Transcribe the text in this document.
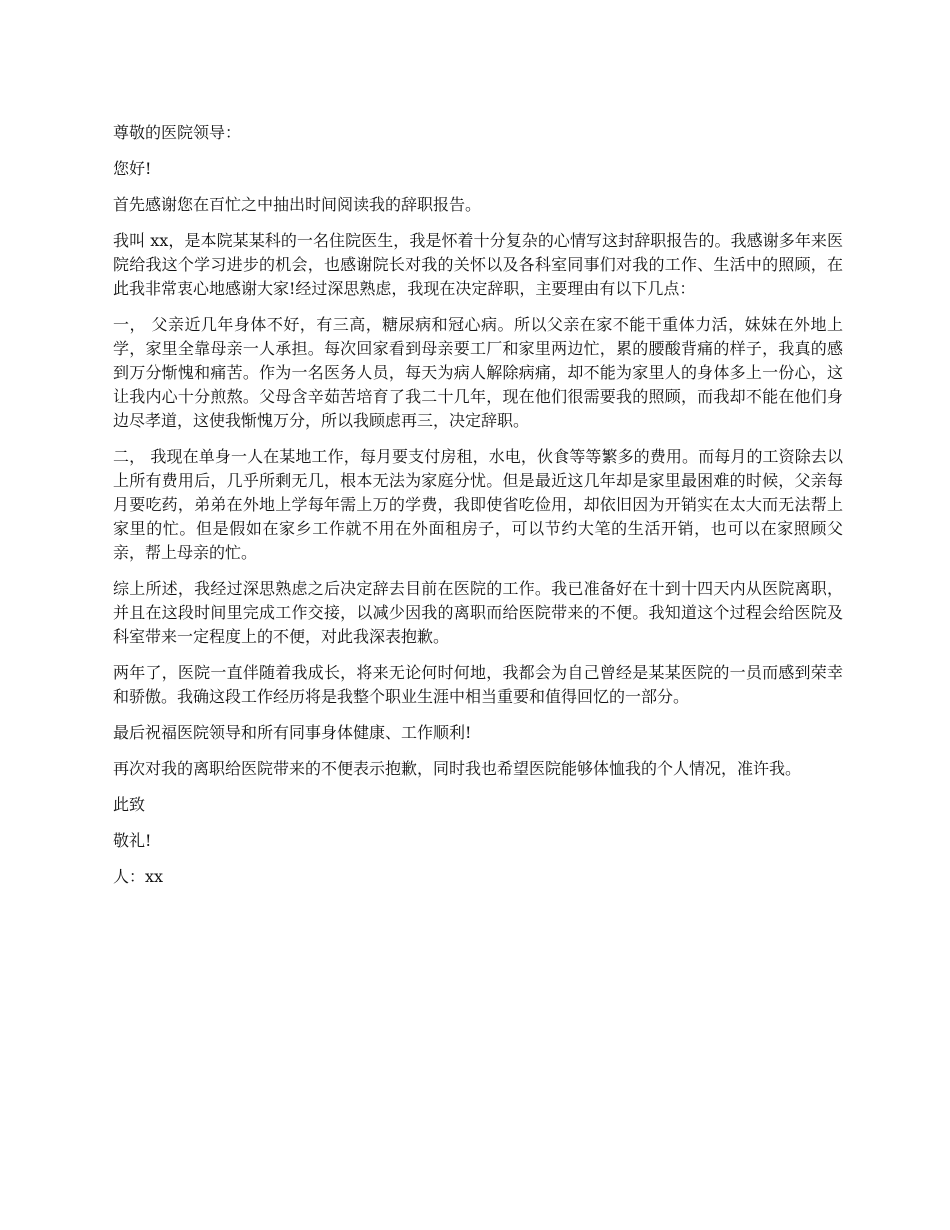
尊敬的医院领导：

您好!

首先感谢您在百忙之中抽出时间阅读我的辞职报告。

我叫 xx，是本院某某科的一名住院医生，我是怀着十分复杂的心情写这封辞职报告的。我感谢多年来医院给我这个学习进步的机会，也感谢院长对我的关怀以及各科室同事们对我的工作、生活中的照顾，在此我非常衷心地感谢大家!经过深思熟虑，我现在决定辞职，主要理由有以下几点：

一， 父亲近几年身体不好，有三高，糖尿病和冠心病。所以父亲在家不能干重体力活，妹妹在外地上学，家里全靠母亲一人承担。每次回家看到母亲要工厂和家里两边忙，累的腰酸背痛的样子，我真的感到万分惭愧和痛苦。作为一名医务人员，每天为病人解除病痛，却不能为家里人的身体多上一份心，这让我内心十分煎熬。父母含辛茹苦培育了我二十几年，现在他们很需要我的照顾，而我却不能在他们身边尽孝道，这使我惭愧万分，所以我顾虑再三，决定辞职。

二， 我现在单身一人在某地工作，每月要支付房租，水电，伙食等等繁多的费用。而每月的工资除去以上所有费用后，几乎所剩无几，根本无法为家庭分忧。但是最近这几年却是家里最困难的时候，父亲每月要吃药，弟弟在外地上学每年需上万的学费，我即使省吃俭用，却依旧因为开销实在太大而无法帮上家里的忙。但是假如在家乡工作就不用在外面租房子，可以节约大笔的生活开销，也可以在家照顾父亲，帮上母亲的忙。

综上所述，我经过深思熟虑之后决定辞去目前在医院的工作。我已准备好在十到十四天内从医院离职，并且在这段时间里完成工作交接，以减少因我的离职而给医院带来的不便。我知道这个过程会给医院及科室带来一定程度上的不便，对此我深表抱歉。

两年了，医院一直伴随着我成长，将来无论何时何地，我都会为自己曾经是某某医院的一员而感到荣幸和骄傲。我确这段工作经历将是我整个职业生涯中相当重要和值得回忆的一部分。

最后祝福医院领导和所有同事身体健康、工作顺利!

再次对我的离职给医院带来的不便表示抱歉，同时我也希望医院能够体恤我的个人情况，准许我。

此致

敬礼!

人：xx
